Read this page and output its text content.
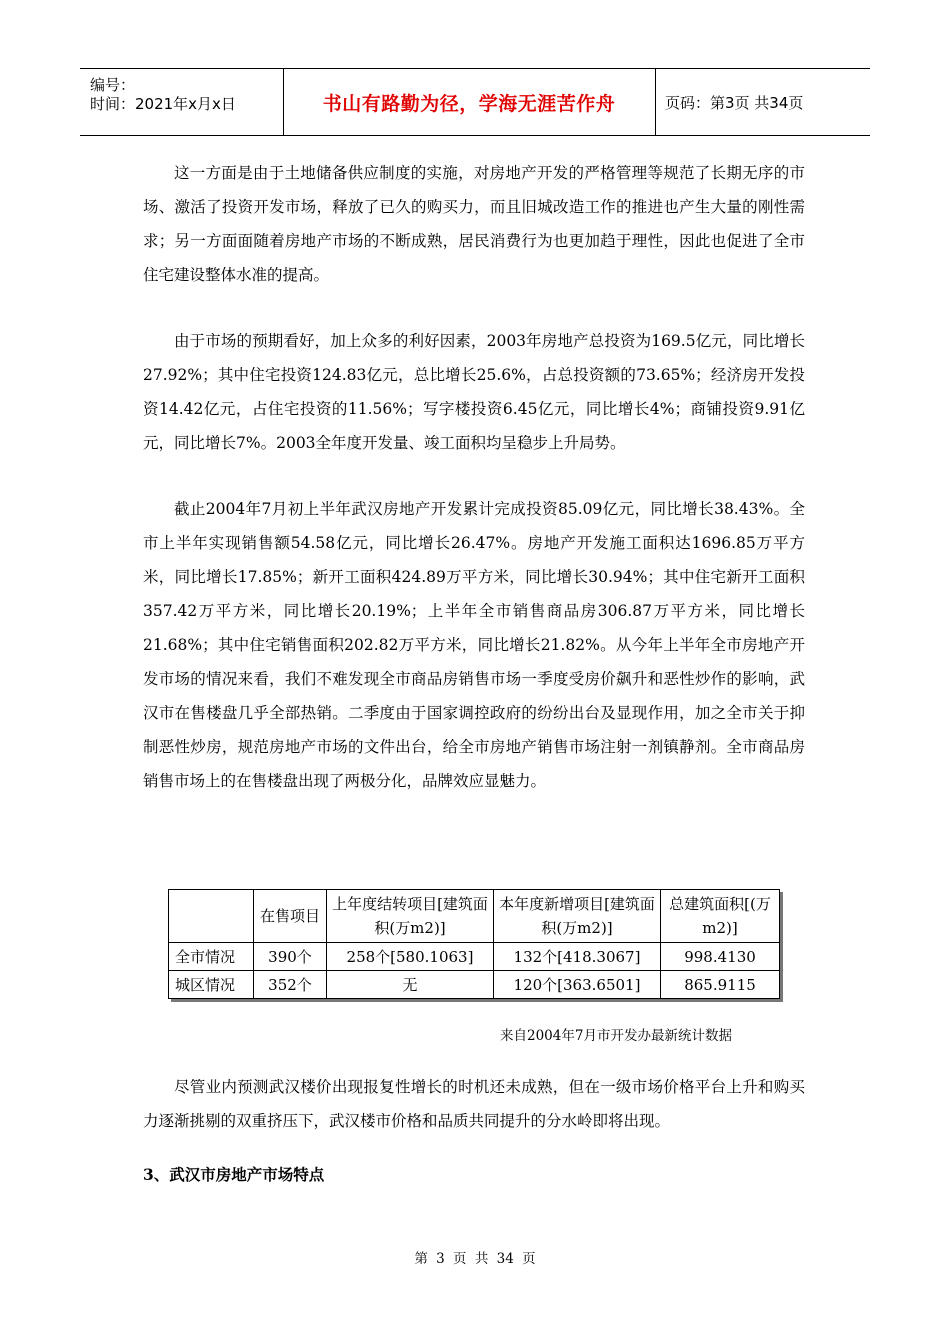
编号：
时间：2021年x月x日	书山有路勤为径，学海无涯苦作舟	页码：第3页 共34页

这一方面是由于土地储备供应制度的实施，对房地产开发的严格管理等规范了长期无序的市场、激活了投资开发市场，释放了已久的购买力，而且旧城改造工作的推进也产生大量的刚性需求；另一方面面随着房地产市场的不断成熟，居民消费行为也更加趋于理性，因此也促进了全市住宅建设整体水准的提高。

由于市场的预期看好，加上众多的利好因素，2003年房地产总投资为169.5亿元，同比增长27.92%；其中住宅投资124.83亿元，总比增长25.6%，占总投资额的73.65%；经济房开发投资14.42亿元，占住宅投资的11.56%；写字楼投资6.45亿元，同比增长4%；商铺投资9.91亿元，同比增长7%。2003全年度开发量、竣工面积均呈稳步上升局势。

截止2004年7月初上半年武汉房地产开发累计完成投资85.09亿元，同比增长38.43%。全市上半年实现销售额54.58亿元，同比增长26.47%。房地产开发施工面积达1696.85万平方米，同比增长17.85%；新开工面积424.89万平方米，同比增长30.94%；其中住宅新开工面积357.42万平方米，同比增长20.19%；上半年全市销售商品房306.87万平方米，同比增长21.68%；其中住宅销售面积202.82万平方米，同比增长21.82%。从今年上半年全市房地产开发市场的情况来看，我们不难发现全市商品房销售市场一季度受房价飙升和恶性炒作的影响，武汉市在售楼盘几乎全部热销。二季度由于国家调控政府的纷纷出台及显现作用，加之全市关于抑制恶性炒房，规范房地产市场的文件出台，给全市房地产销售市场注射一剂镇静剂。全市商品房销售市场上的在售楼盘出现了两极分化，品牌效应显魅力。

	在售项目	上年度结转项目[建筑面积(万m2)]	本年度新增项目[建筑面积(万m2)]	总建筑面积[(万m2)]
全市情况	390个	258个[580.1063]	132个[418.3067]	998.4130
城区情况	352个	无	120个[363.6501]	865.9115
来自2004年7月市开发办最新统计数据

尽管业内预测武汉楼价出现报复性增长的时机还未成熟，但在一级市场价格平台上升和购买力逐渐挑剔的双重挤压下，武汉楼市价格和品质共同提升的分水岭即将出现。

3、武汉市房地产市场特点
第 3 页 共 34 页
